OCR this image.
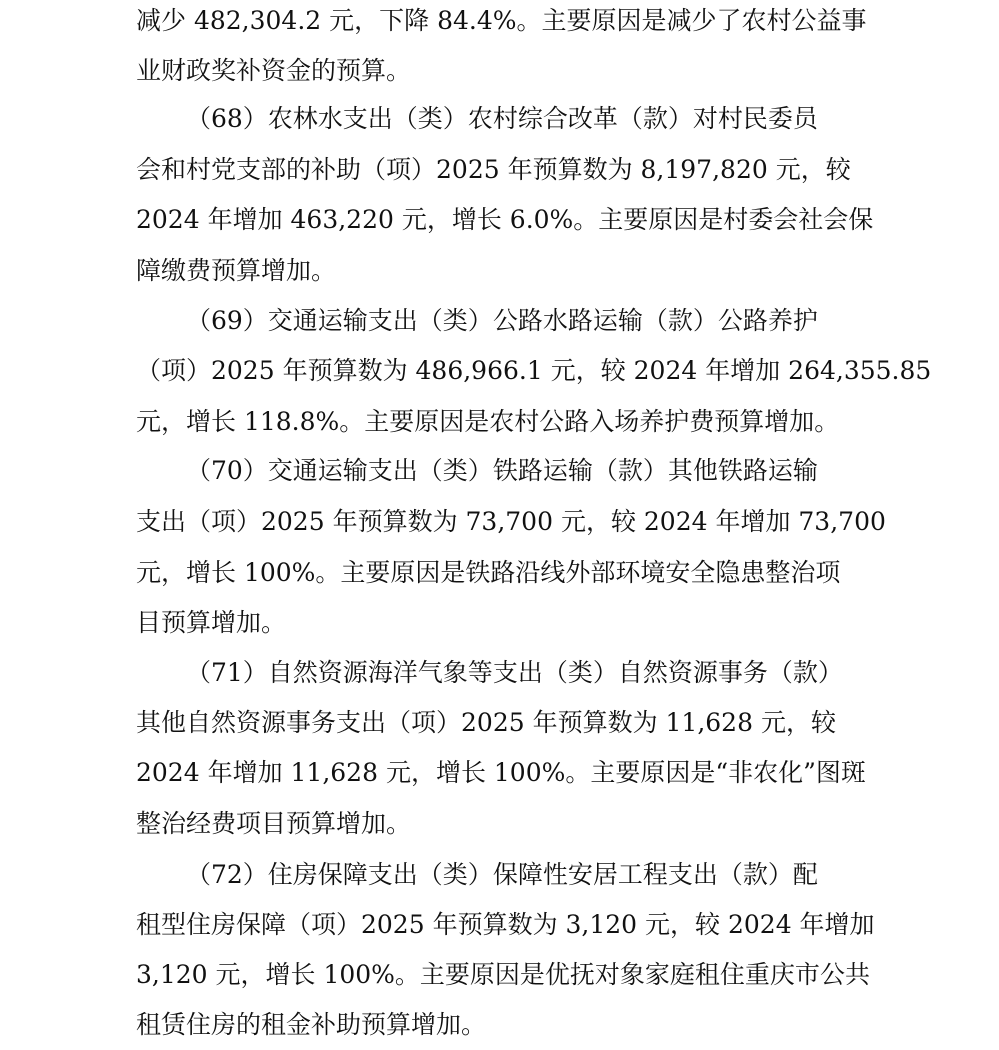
减少 482,304.2 元，下降 84.4%。主要原因是减少了农村公益事

业财政奖补资金的预算。

（68）农林水支出（类）农村综合改革（款）对村民委员

会和村党支部的补助（项）2025 年预算数为 8,197,820 元，较

2024 年增加 463,220 元，增长 6.0%。主要原因是村委会社会保

障缴费预算增加。

（69）交通运输支出（类）公路水路运输（款）公路养护

（项）2025 年预算数为 486,966.1 元，较 2024 年增加 264,355.85

元，增长 118.8%。主要原因是农村公路入场养护费预算增加。

（70）交通运输支出（类）铁路运输（款）其他铁路运输

支出（项）2025 年预算数为 73,700 元，较 2024 年增加 73,700

元，增长 100%。主要原因是铁路沿线外部环境安全隐患整治项

目预算增加。

（71）自然资源海洋气象等支出（类）自然资源事务（款）

其他自然资源事务支出（项）2025 年预算数为 11,628 元，较

2024 年增加 11,628 元，增长 100%。主要原因是“非农化”图斑

整治经费项目预算增加。

（72）住房保障支出（类）保障性安居工程支出（款）配

租型住房保障（项）2025 年预算数为 3,120 元，较 2024 年增加

3,120 元，增长 100%。主要原因是优抚对象家庭租住重庆市公共

租赁住房的租金补助预算增加。
